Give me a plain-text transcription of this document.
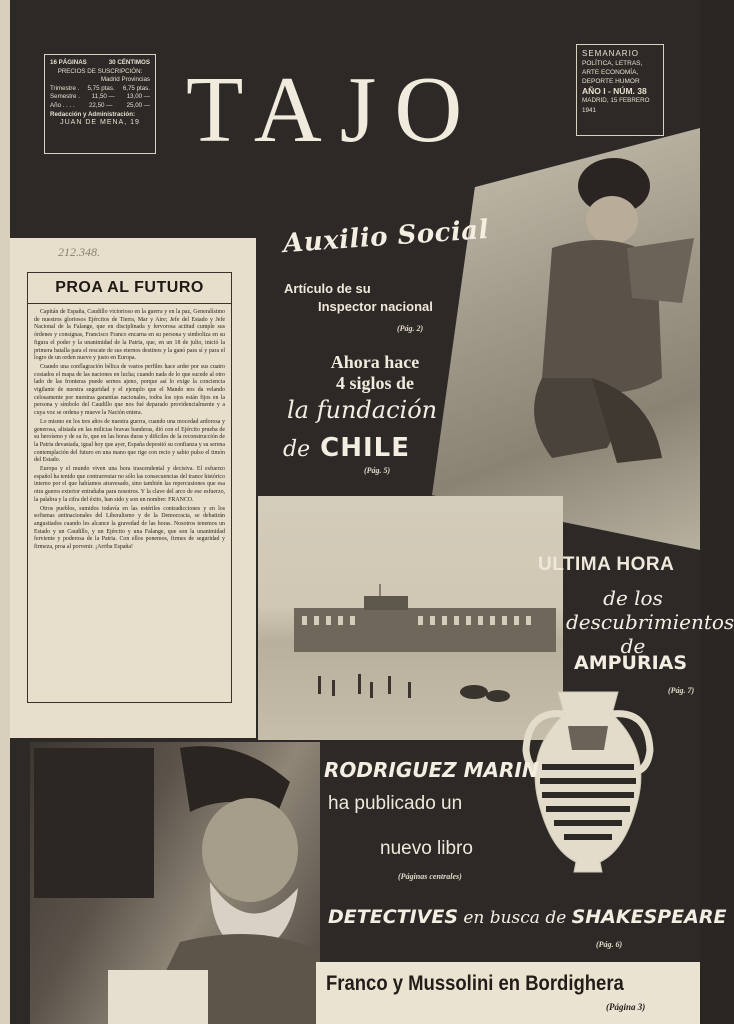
16 PÁGINAS	30 CÉNTIMOS
PRECIOS DE SUSCRIPCIÓN:
Madrid Provincias
Trimestre . 5,75 ptas. 6,75 ptas.
Semestre . 11,50 — 13,00 —
Año . . . . 22,50 — 25,00 —
Redacción y Administración:
JUAN DE MENA, 19 TAJO
SEMANARIO
POLÍTICA, LETRAS, ARTE ECONOMÍA, DEPORTE HUMOR
AÑO I - NÚM. 38
MADRID, 15 FEBRERO 1941
212.348.
PROA AL FUTURO

Capitán de España, Caudillo victorioso en la guerra y en la paz, Generalísimo de nuestros gloriosos Ejércitos de Tierra, Mar y Aire; Jefe del Estado y Jefe Nacional de la Falange, que en disciplinada y fervorosa actitud cumple sus órdenes y consignas, Francisco Franco encarna en su persona y simboliza en su figura el poder y la unanimidad de la Patria, que, en un 18 de julio, inició la primera batalla para el rescate de sus eternos destinos y la ganó para sí y para el logro de un orden nuevo y justo en Europa.

Cuando una conflagración bélica de vastos perfiles hace arder por sus cuatro costados el mapa de las naciones en lucha; cuando nada de lo que sucede al otro lado de las fronteras puede sernos ajeno, porque así lo exige la conciencia vigilante de nuestra seguridad y el ejemplo que el Mando nos da velando celosamente por nuestras garantías nacionales, todos los ojos están fijos en la persona y símbolo del Caudillo que nos fué deparado providencialmente y a cuya voz se ordena y mueve la Nación entera.

Lo mismo en los tres años de nuestra guerra, cuando una mocedad ardorosa y generosa, alistada en las milicias bravas banderas, dió con el Ejército prueba de su heroísmo y de su fe, que en las horas duras y difíciles de la reconstrucción de la Patria devastada, igual hoy que ayer, España depositó su confianza y su serena contemplación del futuro en una mano que rige con recio y sabio pulso el timón del Estado.

Europa y el mundo viven una hora trascendental y decisiva. El esfuerzo español ha tenido que contrarrestar no sólo las consecuencias del trance histórico interno por el que habíamos atravesado, sino también las repercusiones que esa otra guerra exterior entrañaba para nosotros. Y la clave del arco de ese esfuerzo, la palabra y la cifra del éxito, han sido y son un nombre: FRANCO.

Otros pueblos, sumidos todavía en las estériles contradicciones y en los sofismas antinacionales del Liberalismo y de la Democracia, se debatirán angustiados cuando les alcance la gravedad de las horas. Nosotros tenemos un Estado y un Caudillo, y un Ejército y una Falange, que son la unanimidad ferviente y poderosa de la Patria. Con ellos ponemos, firmes de seguridad y firmeza, proa al porvenir. ¡Arriba España!

Auxilio Social
Artículo de su
Inspector nacional
(Pág. 2)
Ahora hace
4 siglos de
la fundación
de CHILE
(Pág. 5)
ULTIMA HORA
de los
descubrimientos
de
AMPURIAS
(Pág. 7)
RODRIGUEZ MARIN
ha publicado un
nuevo libro
(Páginas centrales)
DETECTIVES en busca de SHAKESPEARE
(Pág. 6)
Franco y Mussolini en Bordighera
(Página 3)
